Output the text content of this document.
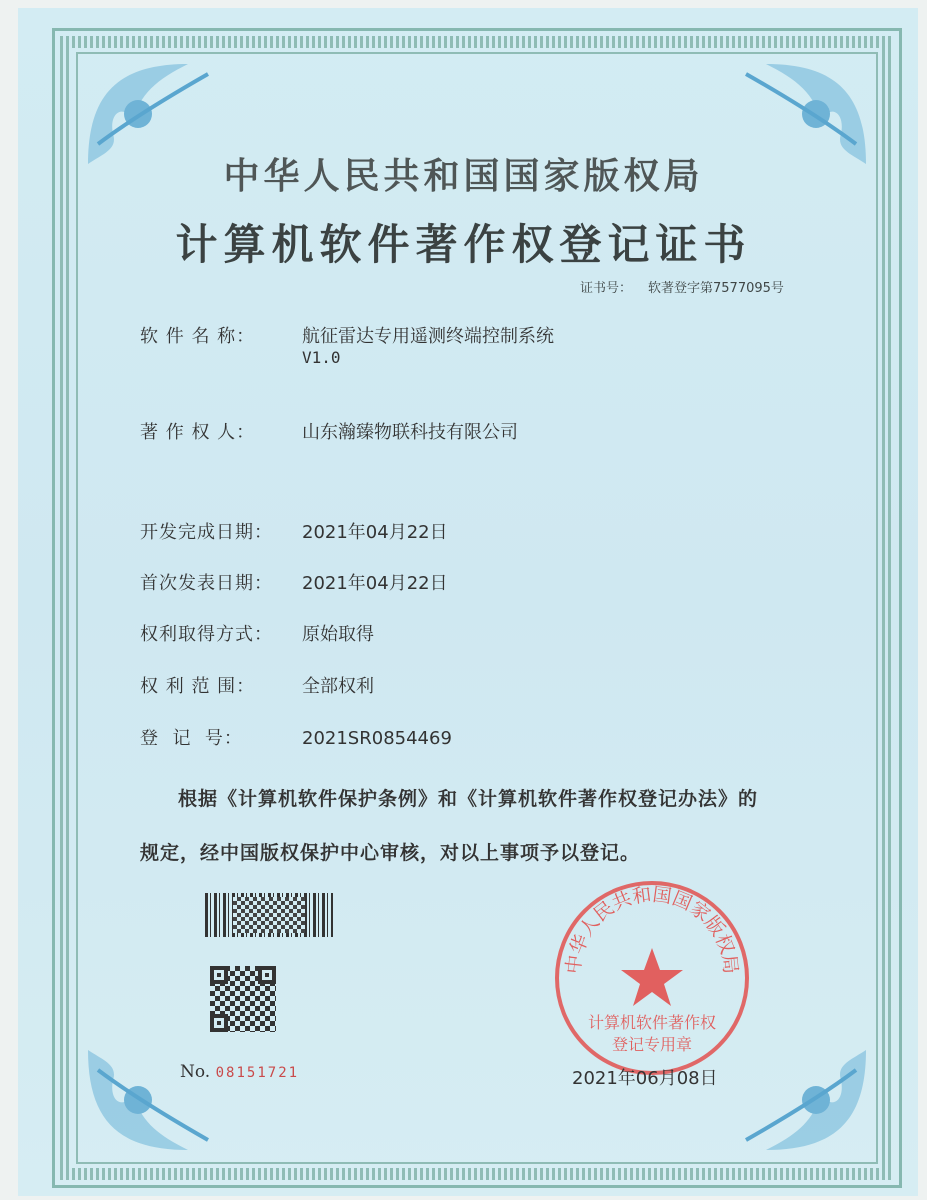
中华人民共和国国家版权局
计算机软件著作权登记证书
证书号： 软著登字第7577095号
软 件 名 称：	航征雷达专用遥测终端控制系统
V1.0
著 作 权 人：	山东瀚臻物联科技有限公司
开发完成日期： 2021年04月22日
首次发表日期： 2021年04月22日
权利取得方式： 原始取得
权 利 范 围：	全部权利
登  记  号：	2021SR0854469
根据《计算机软件保护条例》和《计算机软件著作权登记办法》的
规定，经中国版权保护中心审核，对以上事项予以登记。
No. 08151721
中华人民共和国国家版权局
计算机软件著作权
登记专用章
2021年06月08日
